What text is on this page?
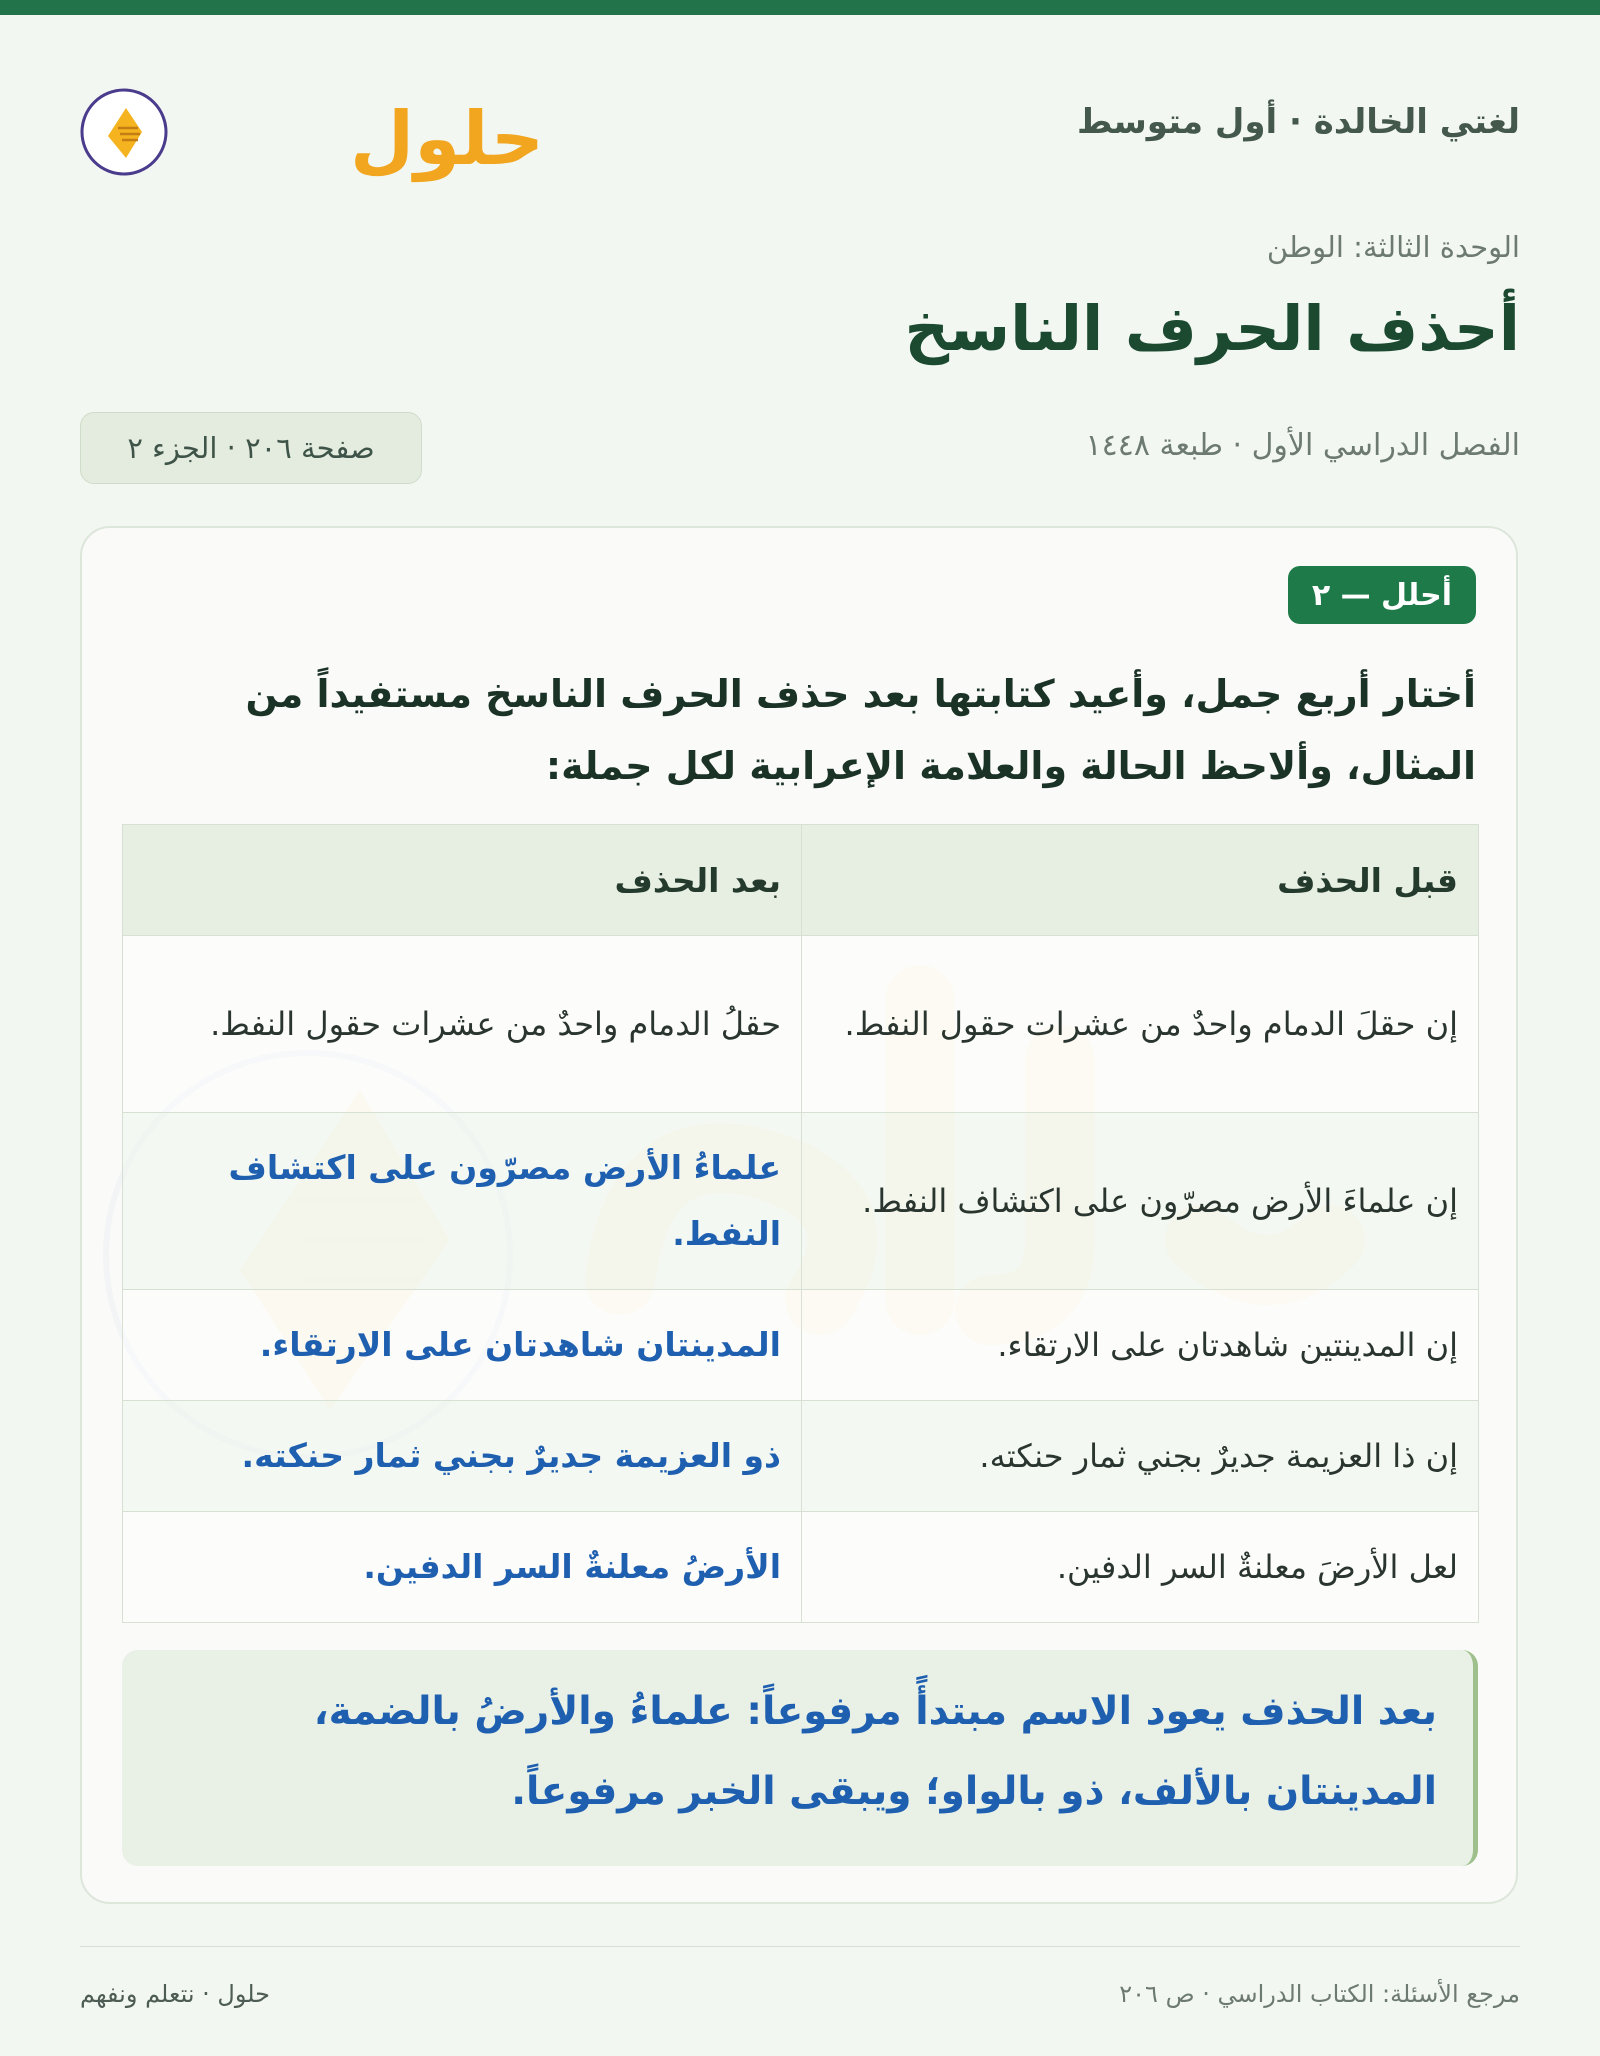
لغتي الخالدة · أول متوسط
حلول
الوحدة الثالثة: الوطن
أحذف الحرف الناسخ
الفصل الدراسي الأول · طبعة ١٤٤٨
صفحة ٢٠٦ · الجزء ٢
أحلل — ٢

أختار أربع جمل، وأعيد كتابتها بعد حذف الحرف الناسخ مستفيداً من المثال، وألاحظ الحالة والعلامة الإعرابية لكل جملة:

قبل الحذف	بعد الحذف
إن حقلَ الدمام واحدٌ من عشرات حقول النفط.	حقلُ الدمام واحدٌ من عشرات حقول النفط.
إن علماءَ الأرض مصرّون على اكتشاف النفط.	علماءُ الأرض مصرّون على اكتشاف النفط.
إن المدينتين شاهدتان على الارتقاء.	المدينتان شاهدتان على الارتقاء.
إن ذا العزيمة جديرٌ بجني ثمار حنكته.	ذو العزيمة جديرٌ بجني ثمار حنكته.
لعل الأرضَ معلنةٌ السر الدفين.	الأرضُ معلنةٌ السر الدفين.

بعد الحذف يعود الاسم مبتدأً مرفوعاً: علماءُ والأرضُ بالضمة، المدينتان بالألف، ذو بالواو؛ ويبقى الخبر مرفوعاً.

مرجع الأسئلة: الكتاب الدراسي · ص ٢٠٦
حلول · نتعلم ونفهم
